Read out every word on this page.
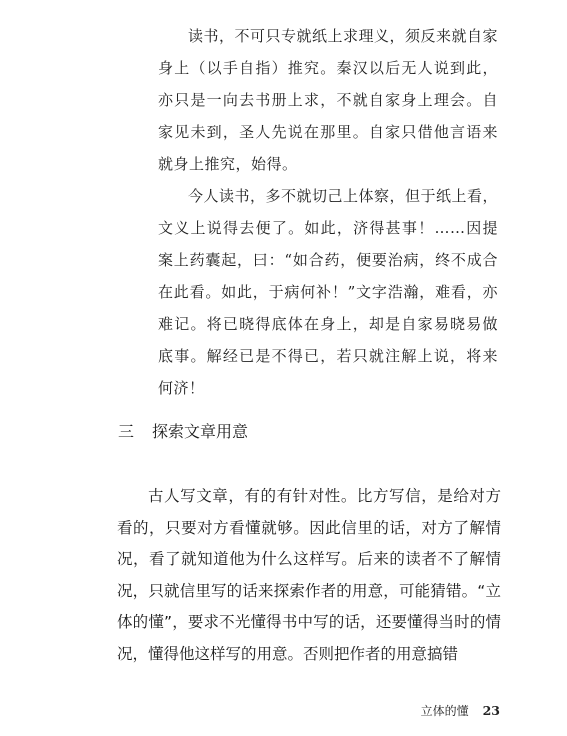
读书，不可只专就纸上求理义，须反来就自家身上（以手自指）推究。秦汉以后无人说到此，亦只是一向去书册上求，不就自家身上理会。自家见未到，圣人先说在那里。自家只借他言语来就身上推究，始得。

今人读书，多不就切己上体察，但于纸上看，文义上说得去便了。如此，济得甚事！……因提案上药囊起，曰：“如合药，便要治病，终不成合在此看。如此，于病何补！”文字浩瀚，难看，亦难记。将已晓得底体在身上，却是自家易晓易做底事。解经已是不得已，若只就注解上说，将来何济！

三 探索文章用意

古人写文章，有的有针对性。比方写信，是给对方看的，只要对方看懂就够。因此信里的话，对方了解情况，看了就知道他为什么这样写。后来的读者不了解情况，只就信里写的话来探索作者的用意，可能猜错。“立体的懂”，要求不光懂得书中写的话，还要懂得当时的情况，懂得他这样写的用意。否则把作者的用意搞错

立体的懂 23
